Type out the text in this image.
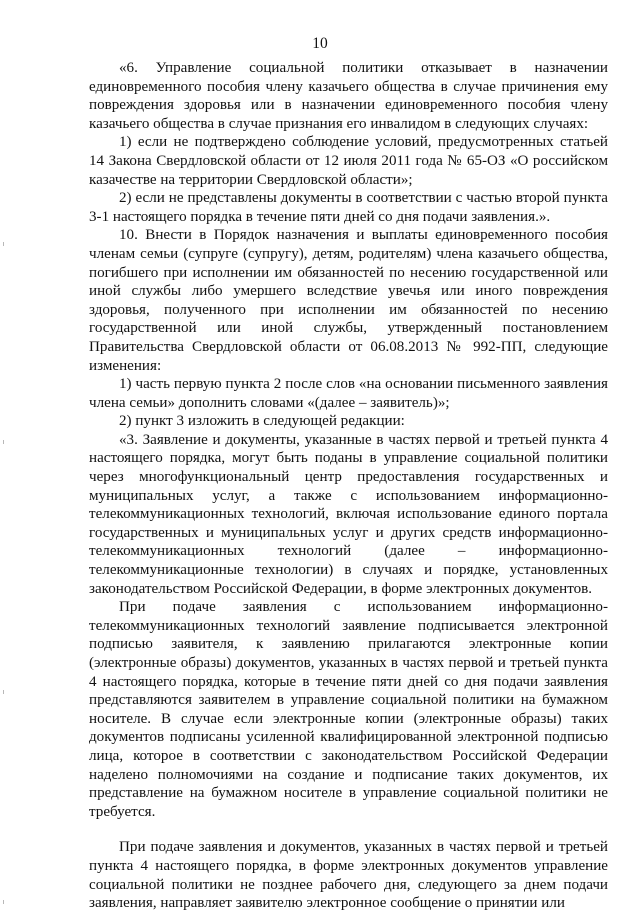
10

«6. Управление социальной политики отказывает в назначении единовременного пособия члену казачьего общества в случае причинения ему повреждения здоровья или в назначении единовременного пособия члену казачьего общества в случае признания его инвалидом в следующих случаях:

1) если не подтверждено соблюдение условий, предусмотренных статьей 14 Закона Свердловской области от 12 июля 2011 года № 65-ОЗ «О российском казачестве на территории Свердловской области»;

2) если не представлены документы в соответствии с частью второй пункта 3-1 настоящего порядка в течение пяти дней со дня подачи заявления.».

10. Внести в Порядок назначения и выплаты единовременного пособия членам семьи (супруге (супругу), детям, родителям) члена казачьего общества, погибшего при исполнении им обязанностей по несению государственной или иной службы либо умершего вследствие увечья или иного повреждения здоровья, полученного при исполнении им обязанностей по несению государственной или иной службы, утвержденный постановлением Правительства Свердловской области от 06.08.2013 № 992-ПП, следующие изменения:

1) часть первую пункта 2 после слов «на основании письменного заявления члена семьи» дополнить словами «(далее – заявитель)»;

2) пункт 3 изложить в следующей редакции:

«3. Заявление и документы, указанные в частях первой и третьей пункта 4 настоящего порядка, могут быть поданы в управление социальной политики через многофункциональный центр предоставления государственных и муниципальных услуг, а также с использованием информационно-телекоммуникационных технологий, включая использование единого портала государственных и муниципальных услуг и других средств информационно-телекоммуникационных технологий (далее – информационно-телекоммуникационные технологии) в случаях и порядке, установленных законодательством Российской Федерации, в форме электронных документов.

При подаче заявления с использованием информационно-телекоммуникационных технологий заявление подписывается электронной подписью заявителя, к заявлению прилагаются электронные копии (электронные образы) документов, указанных в частях первой и третьей пункта 4 настоящего порядка, которые в течение пяти дней со дня подачи заявления представляются заявителем в управление социальной политики на бумажном носителе. В случае если электронные копии (электронные образы) таких документов подписаны усиленной квалифицированной электронной подписью лица, которое в соответствии с законодательством Российской Федерации наделено полномочиями на создание и подписание таких документов, их представление на бумажном носителе в управление социальной политики не требуется.

При подаче заявления и документов, указанных в частях первой и третьей пункта 4 настоящего порядка, в форме электронных документов управление социальной политики не позднее рабочего дня, следующего за днем подачи заявления, направляет заявителю электронное сообщение о принятии или
